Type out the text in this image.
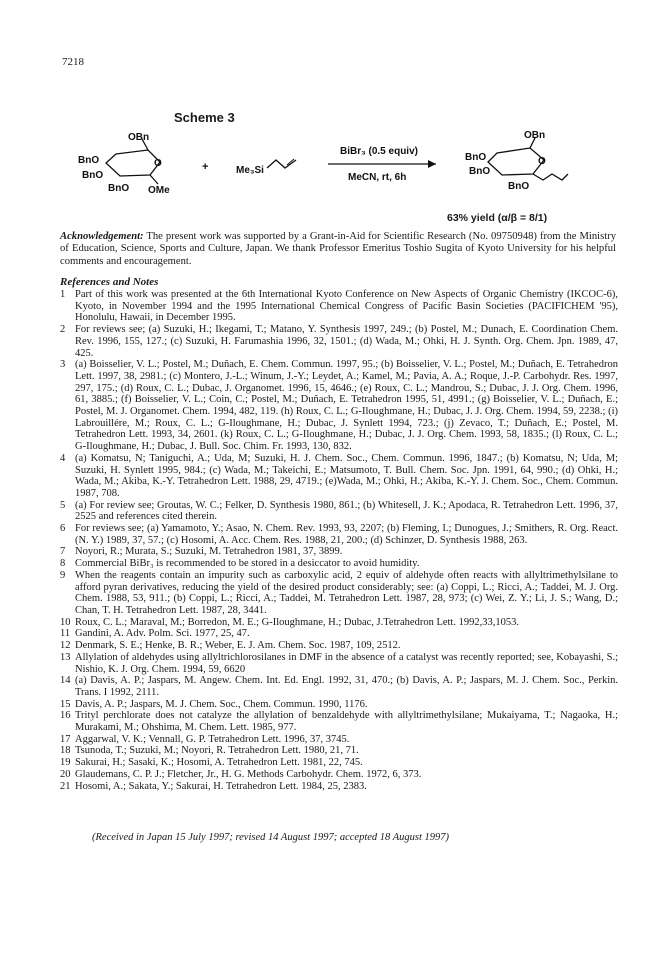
7218
Scheme 3
OBn
O
BnO
BnO
BnO OMe
+	Me₃Si
BiBr₃ (0.5 equiv)
MeCN, rt, 6h
OBn
O
BnO
BnO
BnO
63% yield (α/β = 8/1)
Acknowledgement: The present work was supported by a Grant-in-Aid for Scientific Research (No. 09750948) from the Ministry of Education, Science, Sports and Culture, Japan. We thank Professor Emeritus Toshio Sugita of Kyoto University for his helpful comments and encouragement.
References and Notes
1 Part of this work was presented at the 6th International Kyoto Conference on New Aspects of Organic Chemistry (IKCOC-6), Kyoto, in November 1994 and the 1995 International Chemical Congress of Pacific Basin Societies (PACIFICHEM '95), Honolulu, Hawaii, in December 1995.
2 For reviews see; (a) Suzuki, H.; Ikegami, T.; Matano, Y. Synthesis 1997, 249.; (b) Postel, M.; Dunach, E. Coordination Chem. Rev. 1996, 155, 127.; (c) Suzuki, H. Farumashia 1996, 32, 1501.; (d) Wada, M.; Ohki, H. J. Synth. Org. Chem. Jpn. 1989, 47, 425.
3 (a) Boisselier, V. L.; Postel, M.; Duñach, E. Chem. Commun. 1997, 95.; (b) Boisselier, V. L.; Postel, M.; Duñach, E. Tetrahedron Lett. 1997, 38, 2981.; (c) Montero, J.-L.; Winum, J.-Y.; Leydet, A.; Kamel, M.; Pavia, A. A.; Roque, J.-P. Carbohydr. Res. 1997, 297, 175.; (d) Roux, C. L.; Dubac, J. Organomet. 1996, 15, 4646.; (e) Roux, C. L.; Mandrou, S.; Dubac, J. J. Org. Chem. 1996, 61, 3885.; (f) Boisselier, V. L.; Coin, C.; Postel, M.; Duñach, E. Tetrahedron 1995, 51, 4991.; (g) Boisselier, V. L.; Duñach, E.; Postel, M. J. Organomet. Chem. 1994, 482, 119. (h) Roux, C. L.; G-Iloughmane, H.; Dubac, J. J. Org. Chem. 1994, 59, 2238.; (i) Labrouillére, M.; Roux, C. L.; G-Iloughmane, H.; Dubac, J. Synlett 1994, 723.; (j) Zevaco, T.; Duñach, E.; Postel, M. Tetrahedron Lett. 1993, 34, 2601. (k) Roux, C. L.; G-Iloughmane, H.; Dubac, J. J. Org. Chem. 1993, 58, 1835.; (l) Roux, C. L.; G-Iloughmane, H.; Dubac, J. Bull. Soc. Chim. Fr. 1993, 130, 832.
4 (a) Komatsu, N; Taniguchi, A.; Uda, M; Suzuki, H. J. Chem. Soc., Chem. Commun. 1996, 1847.; (b) Komatsu, N; Uda, M; Suzuki, H. Synlett 1995, 984.; (c) Wada, M.; Takeichi, E.; Matsumoto, T. Bull. Chem. Soc. Jpn. 1991, 64, 990.; (d) Ohki, H.; Wada, M.; Akiba, K.-Y. Tetrahedron Lett. 1988, 29, 4719.; (e)Wada, M.; Ohki, H.; Akiba, K.-Y. J. Chem. Soc., Chem. Commun. 1987, 708.
5 (a) For review see; Groutas, W. C.; Felker, D. Synthesis 1980, 861.; (b) Whitesell, J. K.; Apodaca, R. Tetrahedron Lett. 1996, 37, 2525 and references cited therein.
6 For reviews see; (a) Yamamoto, Y.; Asao, N. Chem. Rev. 1993, 93, 2207; (b) Fleming, I.; Dunogues, J.; Smithers, R. Org. React. (N. Y.) 1989, 37, 57.; (c) Hosomi, A. Acc. Chem. Res. 1988, 21, 200.; (d) Schinzer, D. Synthesis 1988, 263.
7 Noyori, R.; Murata, S.; Suzuki, M. Tetrahedron 1981, 37, 3899.
8 Commercial BiBr₃ is recommended to be stored in a desiccator to avoid humidity.
9 When the reagents contain an impurity such as carboxylic acid, 2 equiv of aldehyde often reacts with allyltrimethylsilane to afford pyran derivatives, reducing the yield of the desired product considerably; see: (a) Coppi, L.; Ricci, A.; Taddei, M. J. Org. Chem. 1988, 53, 911.; (b) Coppi, L.; Ricci, A.; Taddei, M. Tetrahedron Lett. 1987, 28, 973; (c) Wei, Z. Y.; Li, J. S.; Wang, D.; Chan, T. H. Tetrahedron Lett. 1987, 28, 3441.
10 Roux, C. L.; Maraval, M.; Borredon, M. E.; G-Iloughmane, H.; Dubac, J.Tetrahedron Lett. 1992,33,1053.
11 Gandini, A. Adv. Polm. Sci. 1977, 25, 47.
12 Denmark, S. E.; Henke, B. R.; Weber, E. J. Am. Chem. Soc. 1987, 109, 2512.
13 Allylation of aldehydes using allyltrichlorosilanes in DMF in the absence of a catalyst was recently reported; see, Kobayashi, S.; Nishio, K. J. Org. Chem. 1994, 59, 6620
14 (a) Davis, A. P.; Jaspars, M. Angew. Chem. Int. Ed. Engl. 1992, 31, 470.; (b) Davis, A. P.; Jaspars, M. J. Chem. Soc., Perkin. Trans. I 1992, 2111.
15 Davis, A. P.; Jaspars, M. J. Chem. Soc., Chem. Commun. 1990, 1176.
16 Trityl perchlorate does not catalyze the allylation of benzaldehyde with allyltrimethylsilane; Mukaiyama, T.; Nagaoka, H.; Murakami, M.; Ohshima, M. Chem. Lett. 1985, 977.
17 Aggarwal, V. K.; Vennall, G. P. Tetrahedron Lett. 1996, 37, 3745.
18 Tsunoda, T.; Suzuki, M.; Noyori, R. Tetrahedron Lett. 1980, 21, 71.
19 Sakurai, H.; Sasaki, K.; Hosomi, A. Tetrahedron Lett. 1981, 22, 745.
20 Glaudemans, C. P. J.; Fletcher, Jr., H. G. Methods Carbohydr. Chem. 1972, 6, 373.
21 Hosomi, A.; Sakata, Y.; Sakurai, H. Tetrahedron Lett. 1984, 25, 2383.
(Received in Japan 15 July 1997; revised 14 August 1997; accepted 18 August 1997)
